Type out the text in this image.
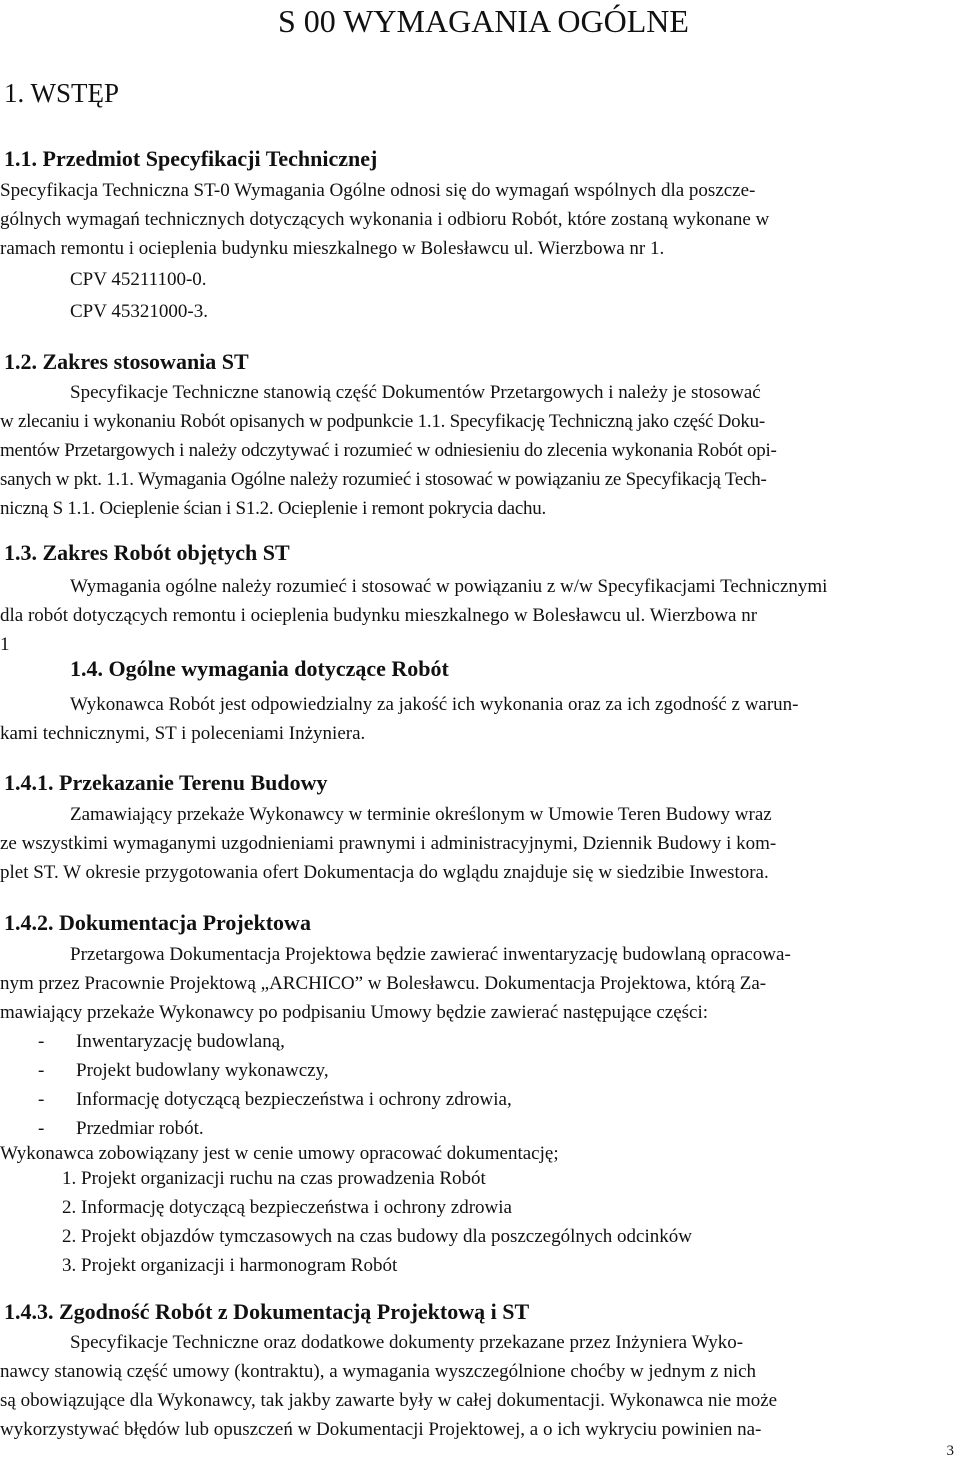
S 00 WYMAGANIA OGÓLNE
1. WSTĘP
1.1. Przedmiot Specyfikacji Technicznej
Specyfikacja Techniczna ST-0 Wymagania Ogólne odnosi się do wymagań wspólnych dla poszcze-
gólnych wymagań technicznych dotyczących wykonania i odbioru Robót, które zostaną wykonane w
ramach remontu i ocieplenia budynku mieszkalnego w Bolesławcu ul. Wierzbowa nr 1.
CPV 45211100-0.
CPV 45321000-3.
1.2. Zakres stosowania ST
Specyfikacje Techniczne stanowią część Dokumentów Przetargowych i należy je stosować
w zlecaniu i wykonaniu Robót opisanych w podpunkcie 1.1. Specyfikację Techniczną jako część Doku-
mentów Przetargowych i należy odczytywać i rozumieć w odniesieniu do zlecenia wykonania Robót opi-
sanych w pkt. 1.1. Wymagania Ogólne należy rozumieć i stosować w powiązaniu ze Specyfikacją Tech-
niczną S 1.1. Ocieplenie ścian i S1.2. Ocieplenie i remont pokrycia dachu.
1.3. Zakres Robót objętych ST
Wymagania ogólne należy rozumieć i stosować w powiązaniu z w/w Specyfikacjami Technicznymi
dla robót dotyczących remontu i ocieplenia budynku mieszkalnego w Bolesławcu ul. Wierzbowa nr
1
1.4. Ogólne wymagania dotyczące Robót
Wykonawca Robót jest odpowiedzialny za jakość ich wykonania oraz za ich zgodność z warun-
kami technicznymi, ST i poleceniami Inżyniera.
1.4.1. Przekazanie Terenu Budowy
Zamawiający przekaże Wykonawcy w terminie określonym w Umowie Teren Budowy wraz
ze wszystkimi wymaganymi uzgodnieniami prawnymi i administracyjnymi, Dziennik Budowy i kom-
plet ST. W okresie przygotowania ofert Dokumentacja do wglądu znajduje się w siedzibie Inwestora.
1.4.2. Dokumentacja Projektowa
Przetargowa Dokumentacja Projektowa będzie zawierać inwentaryzację budowlaną opracowa-
nym przez Pracownie Projektową „ARCHICO” w Bolesławcu. Dokumentacja Projektowa, którą Za-
mawiający przekaże Wykonawcy po podpisaniu Umowy będzie zawierać następujące części:
- Inwentaryzację budowlaną,
- Projekt budowlany wykonawczy,
- Informację dotyczącą bezpieczeństwa i ochrony zdrowia,
- Przedmiar robót.
Wykonawca zobowiązany jest w cenie umowy opracować dokumentację;
1. Projekt organizacji ruchu na czas prowadzenia Robót
2. Informację dotyczącą bezpieczeństwa i ochrony zdrowia
2. Projekt objazdów tymczasowych na czas budowy dla poszczególnych odcinków
3. Projekt organizacji i harmonogram Robót
1.4.3. Zgodność Robót z Dokumentacją Projektową i ST
Specyfikacje Techniczne oraz dodatkowe dokumenty przekazane przez Inżyniera Wyko-
nawcy stanowią część umowy (kontraktu), a wymagania wyszczególnione choćby w jednym z nich
są obowiązujące dla Wykonawcy, tak jakby zawarte były w całej dokumentacji. Wykonawca nie może
wykorzystywać błędów lub opuszczeń w Dokumentacji Projektowej, a o ich wykryciu powinien na-
3
